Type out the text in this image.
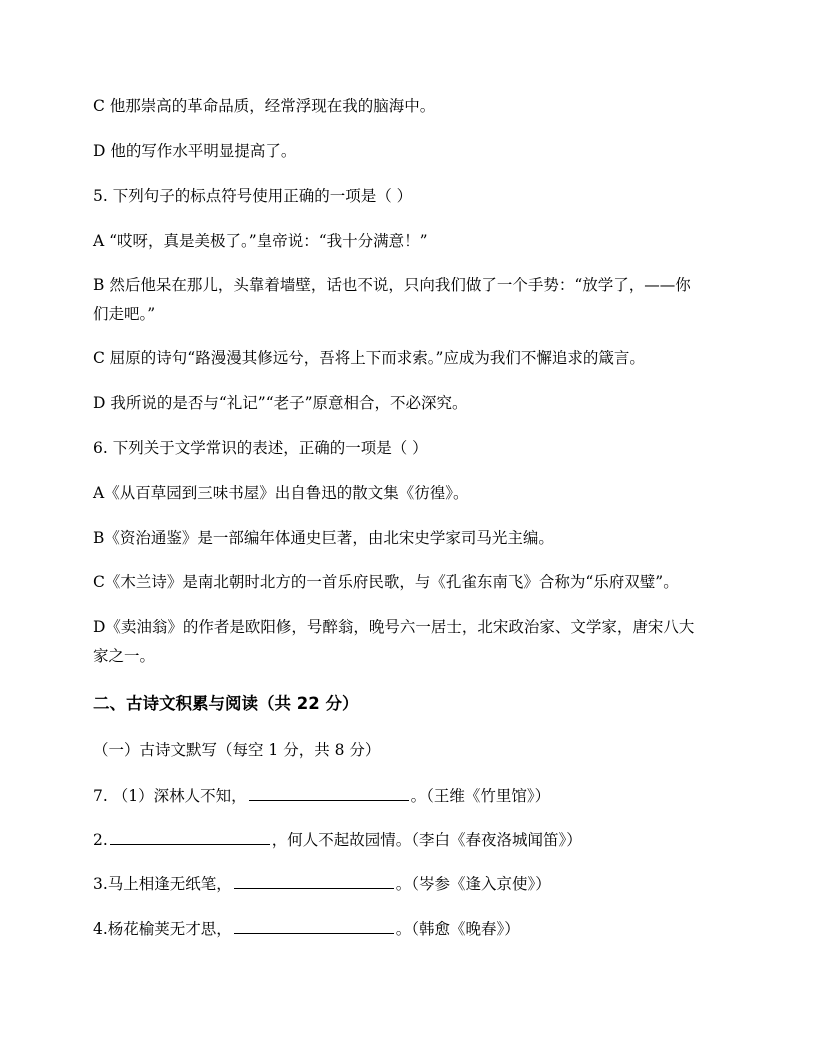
C 他那崇高的革命品质，经常浮现在我的脑海中。
D 他的写作水平明显提高了。
5. 下列句子的标点符号使用正确的一项是（ ）
A “哎呀，真是美极了。”皇帝说：“我十分满意！”
B 然后他呆在那儿，头靠着墙壁，话也不说，只向我们做了一个手势：“放学了，——你
们走吧。”
C 屈原的诗句“路漫漫其修远兮，吾将上下而求索。”应成为我们不懈追求的箴言。
D 我所说的是否与“礼记”“老子”原意相合，不必深究。
6. 下列关于文学常识的表述，正确的一项是（ ）
A《从百草园到三味书屋》出自鲁迅的散文集《彷徨》。
B《资治通鉴》是一部编年体通史巨著，由北宋史学家司马光主编。
C《木兰诗》是南北朝时北方的一首乐府民歌，与《孔雀东南飞》合称为“乐府双璧”。
D《卖油翁》的作者是欧阳修，号醉翁，晚号六一居士，北宋政治家、文学家，唐宋八大
家之一。
二、古诗文积累与阅读（共 22 分）
（一）古诗文默写（每空 1 分，共 8 分）
7. （1）深林人不知，	。（王维《竹里馆》）
2.	，何人不起故园情。（李白《春夜洛城闻笛》）
3.马上相逢无纸笔，	。（岑参《逢入京使》）
4.杨花榆荚无才思，	。（韩愈《晚春》）
